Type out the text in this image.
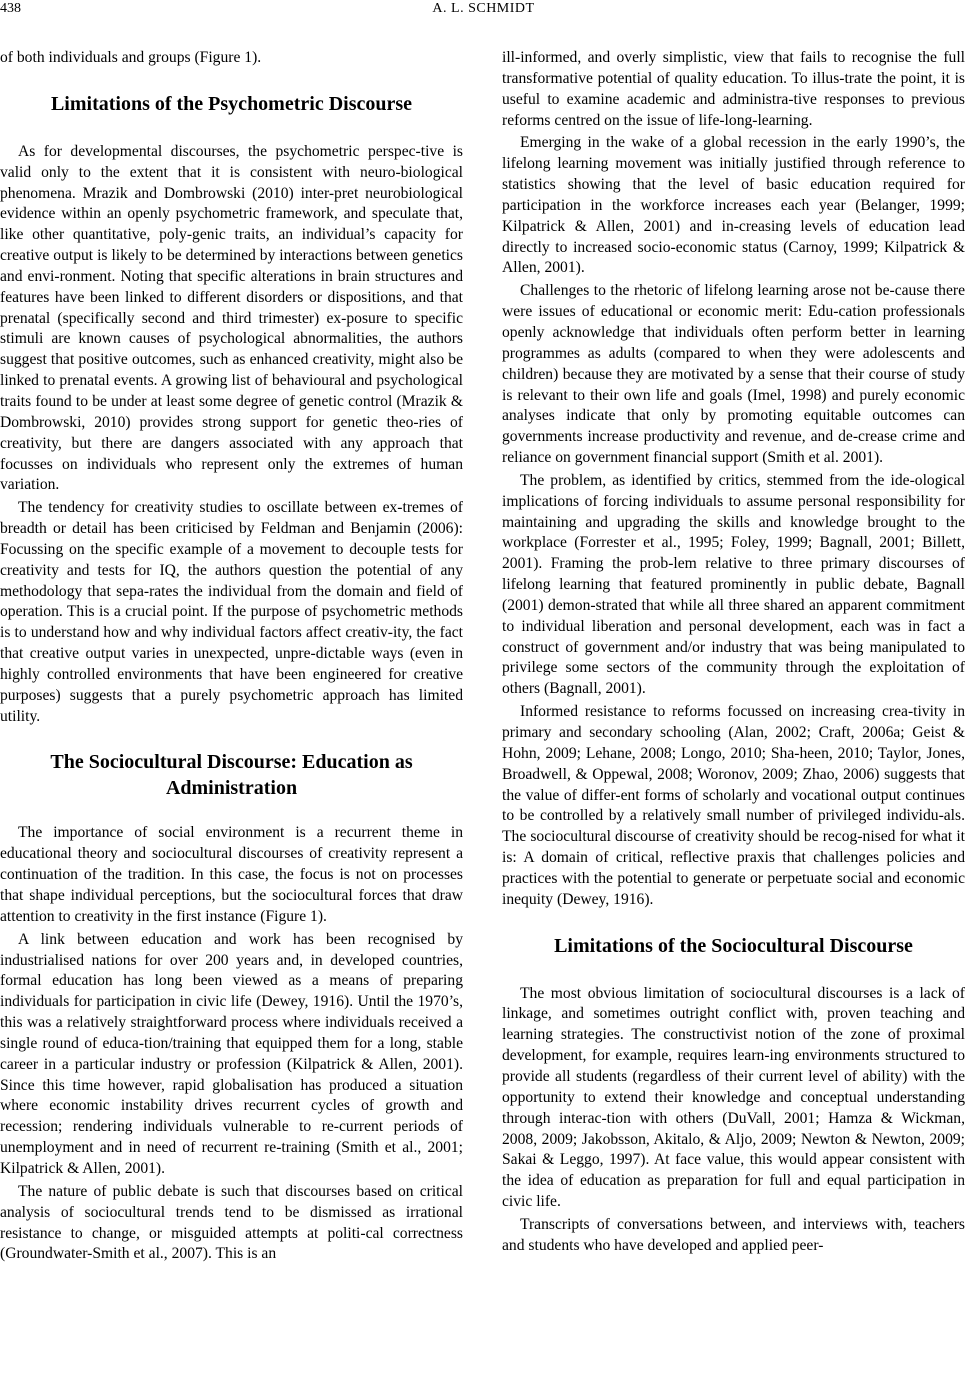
438	A. L. SCHMIDT

of both individuals and groups (Figure 1).

Limitations of the Psychometric Discourse

As for developmental discourses, the psychometric perspec-tive is valid only to the extent that it is consistent with neuro-biological phenomena. Mrazik and Dombrowski (2010) inter-pret neurobiological evidence within an openly psychometric framework, and speculate that, like other quantitative, poly-genic traits, an individual’s capacity for creative output is likely to be determined by interactions between genetics and envi-ronment. Noting that specific alterations in brain structures and features have been linked to different disorders or dispositions, and that prenatal (specifically second and third trimester) ex-posure to specific stimuli are known causes of psychological abnormalities, the authors suggest that positive outcomes, such as enhanced creativity, might also be linked to prenatal events. A growing list of behavioural and psychological traits found to be under at least some degree of genetic control (Mrazik & Dombrowski, 2010) provides strong support for genetic theo-ries of creativity, but there are dangers associated with any approach that focusses on individuals who represent only the extremes of human variation.

The tendency for creativity studies to oscillate between ex-tremes of breadth or detail has been criticised by Feldman and Benjamin (2006): Focussing on the specific example of a movement to decouple tests for creativity and tests for IQ, the authors question the potential of any methodology that sepa-rates the individual from the domain and field of operation. This is a crucial point. If the purpose of psychometric methods is to understand how and why individual factors affect creativ-ity, the fact that creative output varies in unexpected, unpre-dictable ways (even in highly controlled environments that have been engineered for creative purposes) suggests that a purely psychometric approach has limited utility.

The Sociocultural Discourse: Education as
Administration

The importance of social environment is a recurrent theme in educational theory and sociocultural discourses of creativity represent a continuation of the tradition. In this case, the focus is not on processes that shape individual perceptions, but the sociocultural forces that draw attention to creativity in the first instance (Figure 1).

A link between education and work has been recognised by industrialised nations for over 200 years and, in developed countries, formal education has long been viewed as a means of preparing individuals for participation in civic life (Dewey, 1916). Until the 1970’s, this was a relatively straightforward process where individuals received a single round of educa-tion/training that equipped them for a long, stable career in a particular industry or profession (Kilpatrick & Allen, 2001). Since this time however, rapid globalisation has produced a situation where economic instability drives recurrent cycles of growth and recession; rendering individuals vulnerable to re-current periods of unemployment and in need of recurrent re-training (Smith et al., 2001; Kilpatrick & Allen, 2001).

The nature of public debate is such that discourses based on critical analysis of sociocultural trends tend to be dismissed as irrational resistance to change, or misguided attempts at politi-cal correctness (Groundwater-Smith et al., 2007). This is an

ill-informed, and overly simplistic, view that fails to recognise the full transformative potential of quality education. To illus-trate the point, it is useful to examine academic and administra-tive responses to previous reforms centred on the issue of life-long-learning.

Emerging in the wake of a global recession in the early 1990’s, the lifelong learning movement was initially justified through reference to statistics showing that the level of basic education required for participation in the workforce increases each year (Belanger, 1999; Kilpatrick & Allen, 2001) and in-creasing levels of education lead directly to increased socio-economic status (Carnoy, 1999; Kilpatrick & Allen, 2001).

Challenges to the rhetoric of lifelong learning arose not be-cause there were issues of educational or economic merit: Edu-cation professionals openly acknowledge that individuals often perform better in learning programmes as adults (compared to when they were adolescents and children) because they are motivated by a sense that their course of study is relevant to their own life and goals (Imel, 1998) and purely economic analyses indicate that only by promoting equitable outcomes can governments increase productivity and revenue, and de-crease crime and reliance on government financial support (Smith et al. 2001).

The problem, as identified by critics, stemmed from the ide-ological implications of forcing individuals to assume personal responsibility for maintaining and upgrading the skills and knowledge brought to the workplace (Forrester et al., 1995; Foley, 1999; Bagnall, 2001; Billett, 2001). Framing the prob-lem relative to three primary discourses of lifelong learning that featured prominently in public debate, Bagnall (2001) demon-strated that while all three shared an apparent commitment to individual liberation and personal development, each was in fact a construct of government and/or industry that was being manipulated to privilege some sectors of the community through the exploitation of others (Bagnall, 2001).

Informed resistance to reforms focussed on increasing crea-tivity in primary and secondary schooling (Alan, 2002; Craft, 2006a; Geist & Hohn, 2009; Lehane, 2008; Longo, 2010; Sha-heen, 2010; Taylor, Jones, Broadwell, & Oppewal, 2008; Woronov, 2009; Zhao, 2006) suggests that the value of differ-ent forms of scholarly and vocational output continues to be controlled by a relatively small number of privileged individu-als. The sociocultural discourse of creativity should be recog-nised for what it is: A domain of critical, reflective praxis that challenges policies and practices with the potential to generate or perpetuate social and economic inequity (Dewey, 1916).

Limitations of the Sociocultural Discourse

The most obvious limitation of sociocultural discourses is a lack of linkage, and sometimes outright conflict with, proven teaching and learning strategies. The constructivist notion of the zone of proximal development, for example, requires learn-ing environments structured to provide all students (regardless of their current level of ability) with the opportunity to extend their knowledge and conceptual understanding through interac-tion with others (DuVall, 2001; Hamza & Wickman, 2008, 2009; Jakobsson, Akitalo, & Aljo, 2009; Newton & Newton, 2009; Sakai & Leggo, 1997). At face value, this would appear consistent with the idea of education as preparation for full and equal participation in civic life.

Transcripts of conversations between, and interviews with, teachers and students who have developed and applied peer-
